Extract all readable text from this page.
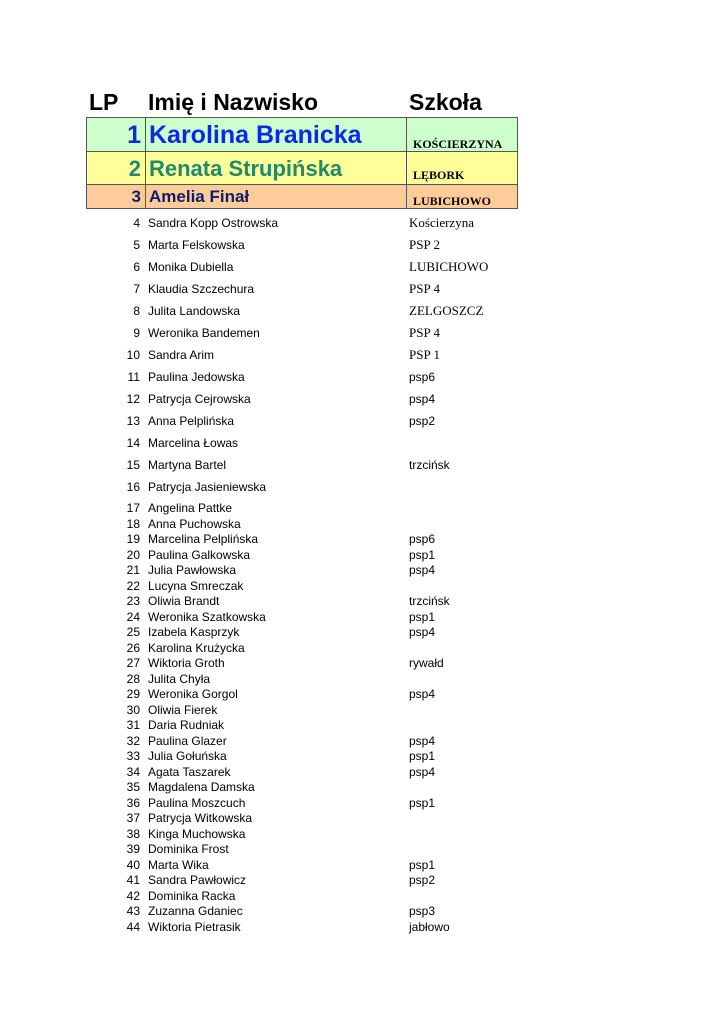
LP Imię i Nazwisko	Szkoła
1 Karolina Branicka	KOŚCIERZYNA
2 Renata Strupińska	LĘBORK
3 Amelia Finał	LUBICHOWO
4 Sandra Kopp Ostrowska	Kościerzyna
5 Marta Felskowska	PSP 2
6 Monika Dubiella	LUBICHOWO
7 Klaudia Szczechura	PSP 4
8 Julita Landowska	ZELGOSZCZ
9 Weronika Bandemen	PSP 4
10 Sandra Arim	PSP 1
11 Paulina Jedowska	psp6
12 Patrycja Cejrowska	psp4
13 Anna Pelplińska	psp2
14 Marcelina Łowas
15 Martyna Bartel	trzcińsk
16 Patrycja Jasieniewska
17 Angelina Pattke
18 Anna Puchowska
19 Marcelina Pelplińska	psp6
20 Paulina Galkowska	psp1
21 Julia Pawłowska	psp4
22 Lucyna Smreczak
23 Oliwia Brandt	trzcińsk
24 Weronika Szatkowska	psp1
25 Izabela Kasprzyk	psp4
26 Karolina Krużycka
27 Wiktoria Groth	rywałd
28 Julita Chyła
29 Weronika Gorgol	psp4
30 Oliwia Fierek
31 Daria Rudniak
32 Paulina Glazer	psp4
33 Julia Gołuńska	psp1
34 Agata Taszarek	psp4
35 Magdalena Damska
36 Paulina Moszcuch	psp1
37 Patrycja Witkowska
38 Kinga Muchowska
39 Dominika Frost
40 Marta Wika	psp1
41 Sandra Pawłowicz	psp2
42 Dominika Racka
43 Zuzanna Gdaniec	psp3
44 Wiktoria Pietrasik	jabłowo
